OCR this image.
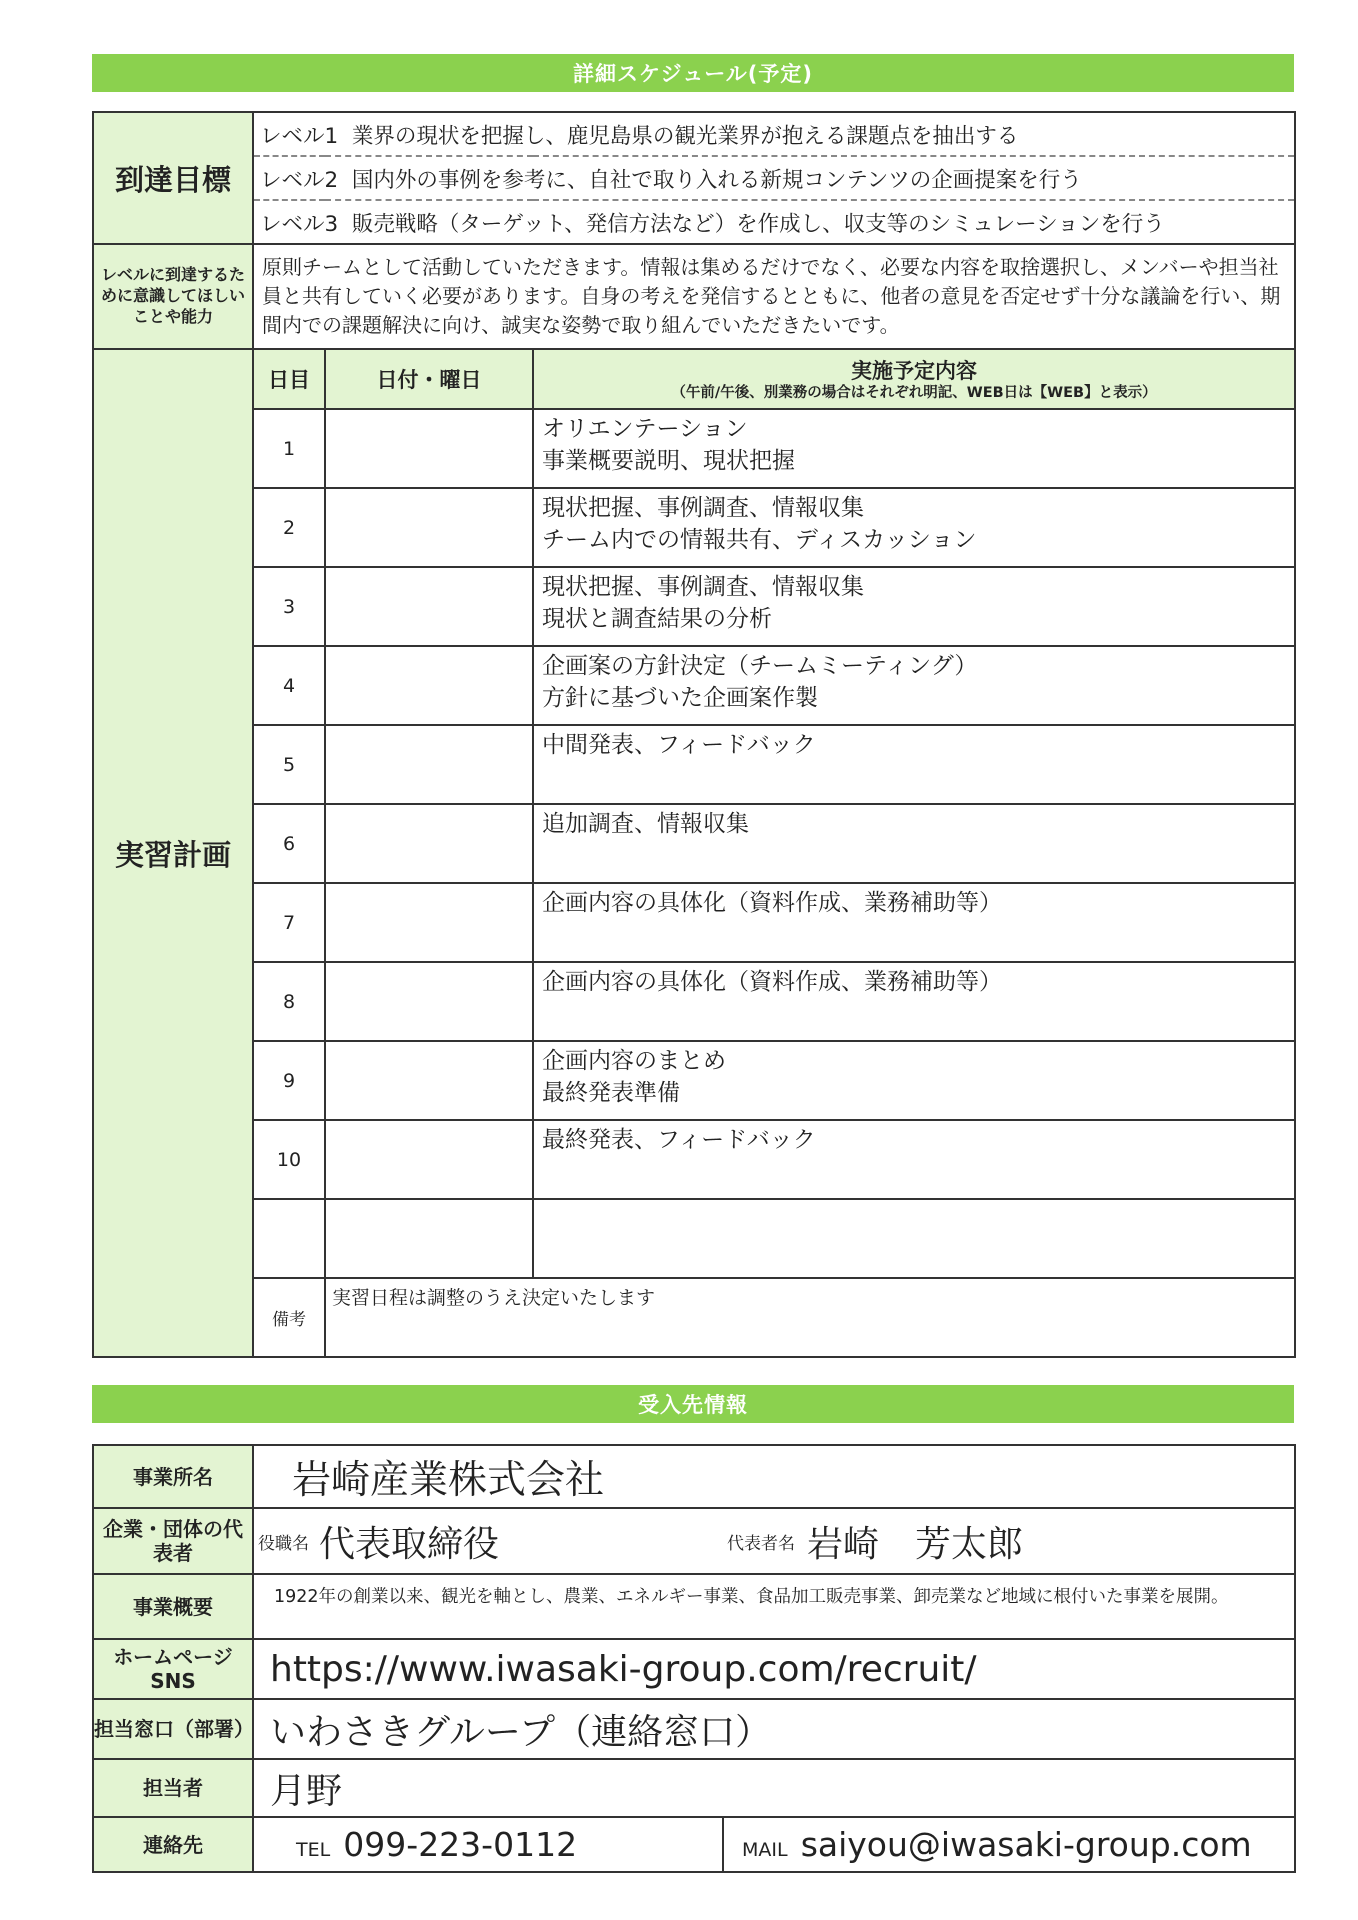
詳細スケジュール(予定)
到達目標	レベル1 業界の現状を把握し、鹿児島県の観光業界が抱える課題点を抽出する		
	レベル2 国内外の事例を参考に、自社で取り入れる新規コンテンツの企画提案を行う		
	レベル3 販売戦略（ターゲット、発信方法など）を作成し、収支等のシミュレーションを行う		
レベルに到達するために意識してほしいことや能力	原則チームとして活動していただきます。情報は集めるだけでなく、必要な内容を取捨選択し、メンバーや担当社員と共有していく必要があります。自身の考えを発信するとともに、他者の意見を否定せず十分な議論を行い、期間内での課題解決に向け、誠実な姿勢で取り組んでいただきたいです。		
実習計画	日目	日付・曜日	実施予定内容
（午前/午後、別業務の場合はそれぞれ明記、WEB日は【WEB】と表示）

	1		オリエンテーション
事業概要説明、現状把握

	2		現状把握、事例調査、情報収集
チーム内での情報共有、ディスカッション

	3		現状把握、事例調査、情報収集
現状と調査結果の分析

	4		企画案の方針決定（チームミーティング）
方針に基づいた企画案作製

	5		中間発表、フィードバック

	6		追加調査、情報収集

	7		企画内容の具体化（資料作成、業務補助等）

	8		企画内容の具体化（資料作成、業務補助等）

	9		企画内容のまとめ
最終発表準備

	10		最終発表、フィードバック

	備考	実習日程は調整のうえ決定いたします	
受入先情報
事業所名	岩崎産業株式会社	
企業・団体の代表者	役職名 代表取締役 代表者名 岩崎　芳太郎	

事業概要	1922年の創業以来、観光を軸とし、農業、エネルギー事業、食品加工販売事業、卸売業など地域に根付いた事業を展開。	
ホームページ SNS	https://www.iwasaki-group.com/recruit/	
担当窓口（部署）	いわさきグループ（連絡窓口）	
担当者	月野	
連絡先	TEL 099-223-0112	MAIL saiyou@iwasaki-group.com
